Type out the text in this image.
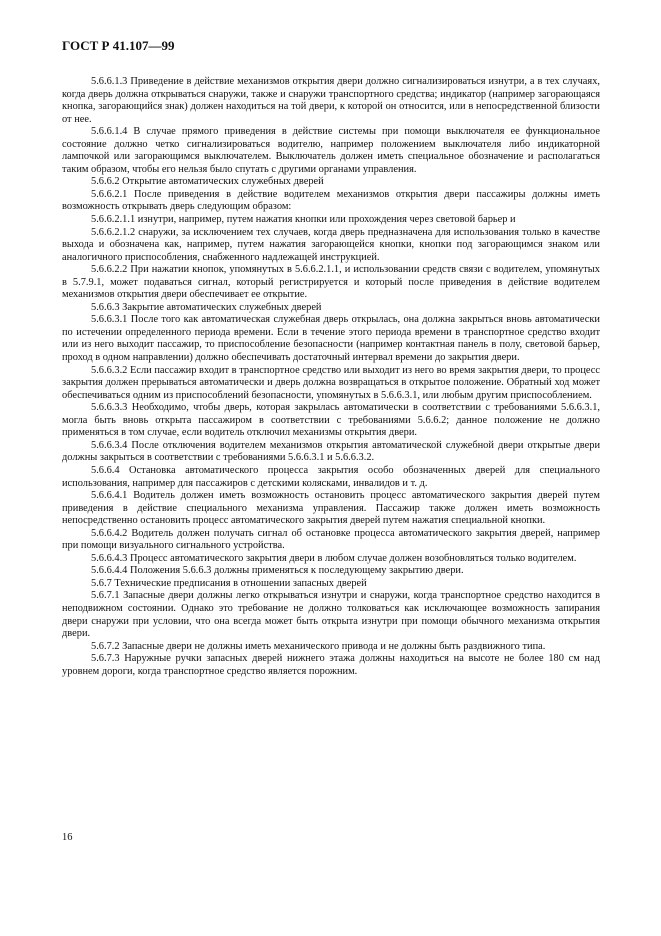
ГОСТ Р 41.107—99

5.6.6.1.3 Приведение в действие механизмов открытия двери должно сигнализироваться изнутри, а в тех случаях, когда дверь должна открываться снаружи, также и снаружи транспортного средства; индикатор (например загорающаяся кнопка, загорающийся знак) должен находиться на той двери, к которой он относится, или в непосредственной близости от нее.

5.6.6.1.4 В случае прямого приведения в действие системы при помощи выключателя ее функциональное состояние должно четко сигнализироваться водителю, например положением выключателя либо индикаторной лампочкой или загорающимся выключателем. Выключатель должен иметь специальное обозначение и располагаться таким образом, чтобы его нельзя было спутать с другими органами управления.

5.6.6.2 Открытие автоматических служебных дверей

5.6.6.2.1 После приведения в действие водителем механизмов открытия двери пассажиры должны иметь возможность открывать дверь следующим образом:

5.6.6.2.1.1 изнутри, например, путем нажатия кнопки или прохождения через световой барьер и

5.6.6.2.1.2 снаружи, за исключением тех случаев, когда дверь предназначена для использования только в качестве выхода и обозначена как, например, путем нажатия загорающейся кнопки, кнопки под загорающимся знаком или аналогичного приспособления, снабженного надлежащей инструкцией.

5.6.6.2.2 При нажатии кнопок, упомянутых в 5.6.6.2.1.1, и использовании средств связи с водителем, упомянутых в 5.7.9.1, может подаваться сигнал, который регистрируется и который после приведения в действие водителем механизмов открытия двери обеспечивает ее открытие.

5.6.6.3 Закрытие автоматических служебных дверей

5.6.6.3.1 После того как автоматическая служебная дверь открылась, она должна закрыться вновь автоматически по истечении определенного периода времени. Если в течение этого периода времени в транспортное средство входит или из него выходит пассажир, то приспособление безопасности (например контактная панель в полу, световой барьер, проход в одном направлении) должно обеспечивать достаточный интервал времени до закрытия двери.

5.6.6.3.2 Если пассажир входит в транспортное средство или выходит из него во время закрытия двери, то процесс закрытия должен прерываться автоматически и дверь должна возвращаться в открытое положение. Обратный ход может обеспечиваться одним из приспособлений безопасности, упомянутых в 5.6.6.3.1, или любым другим приспособлением.

5.6.6.3.3 Необходимо, чтобы дверь, которая закрылась автоматически в соответствии с требованиями 5.6.6.3.1, могла быть вновь открыта пассажиром в соответствии с требованиями 5.6.6.2; данное положение не должно применяться в том случае, если водитель отключил механизмы открытия двери.

5.6.6.3.4 После отключения водителем механизмов открытия автоматической служебной двери открытые двери должны закрыться в соответствии с требованиями 5.6.6.3.1 и 5.6.6.3.2.

5.6.6.4 Остановка автоматического процесса закрытия особо обозначенных дверей для специального использования, например для пассажиров с детскими колясками, инвалидов и т. д.

5.6.6.4.1 Водитель должен иметь возможность остановить процесс автоматического закрытия дверей путем приведения в действие специального механизма управления. Пассажир также должен иметь возможность непосредственно остановить процесс автоматического закрытия дверей путем нажатия специальной кнопки.

5.6.6.4.2 Водитель должен получать сигнал об остановке процесса автоматического закрытия дверей, например при помощи визуального сигнального устройства.

5.6.6.4.3 Процесс автоматического закрытия двери в любом случае должен возобновляться только водителем.

5.6.6.4.4 Положения 5.6.6.3 должны применяться к последующему закрытию двери.

5.6.7 Технические предписания в отношении запасных дверей

5.6.7.1 Запасные двери должны легко открываться изнутри и снаружи, когда транспортное средство находится в неподвижном состоянии. Однако это требование не должно толковаться как исключающее возможность запирания двери снаружи при условии, что она всегда может быть открыта изнутри при помощи обычного механизма открытия двери.

5.6.7.2 Запасные двери не должны иметь механического привода и не должны быть раздвижного типа.

5.6.7.3 Наружные ручки запасных дверей нижнего этажа должны находиться на высоте не более 180 см над уровнем дороги, когда транспортное средство является порожним.

16
